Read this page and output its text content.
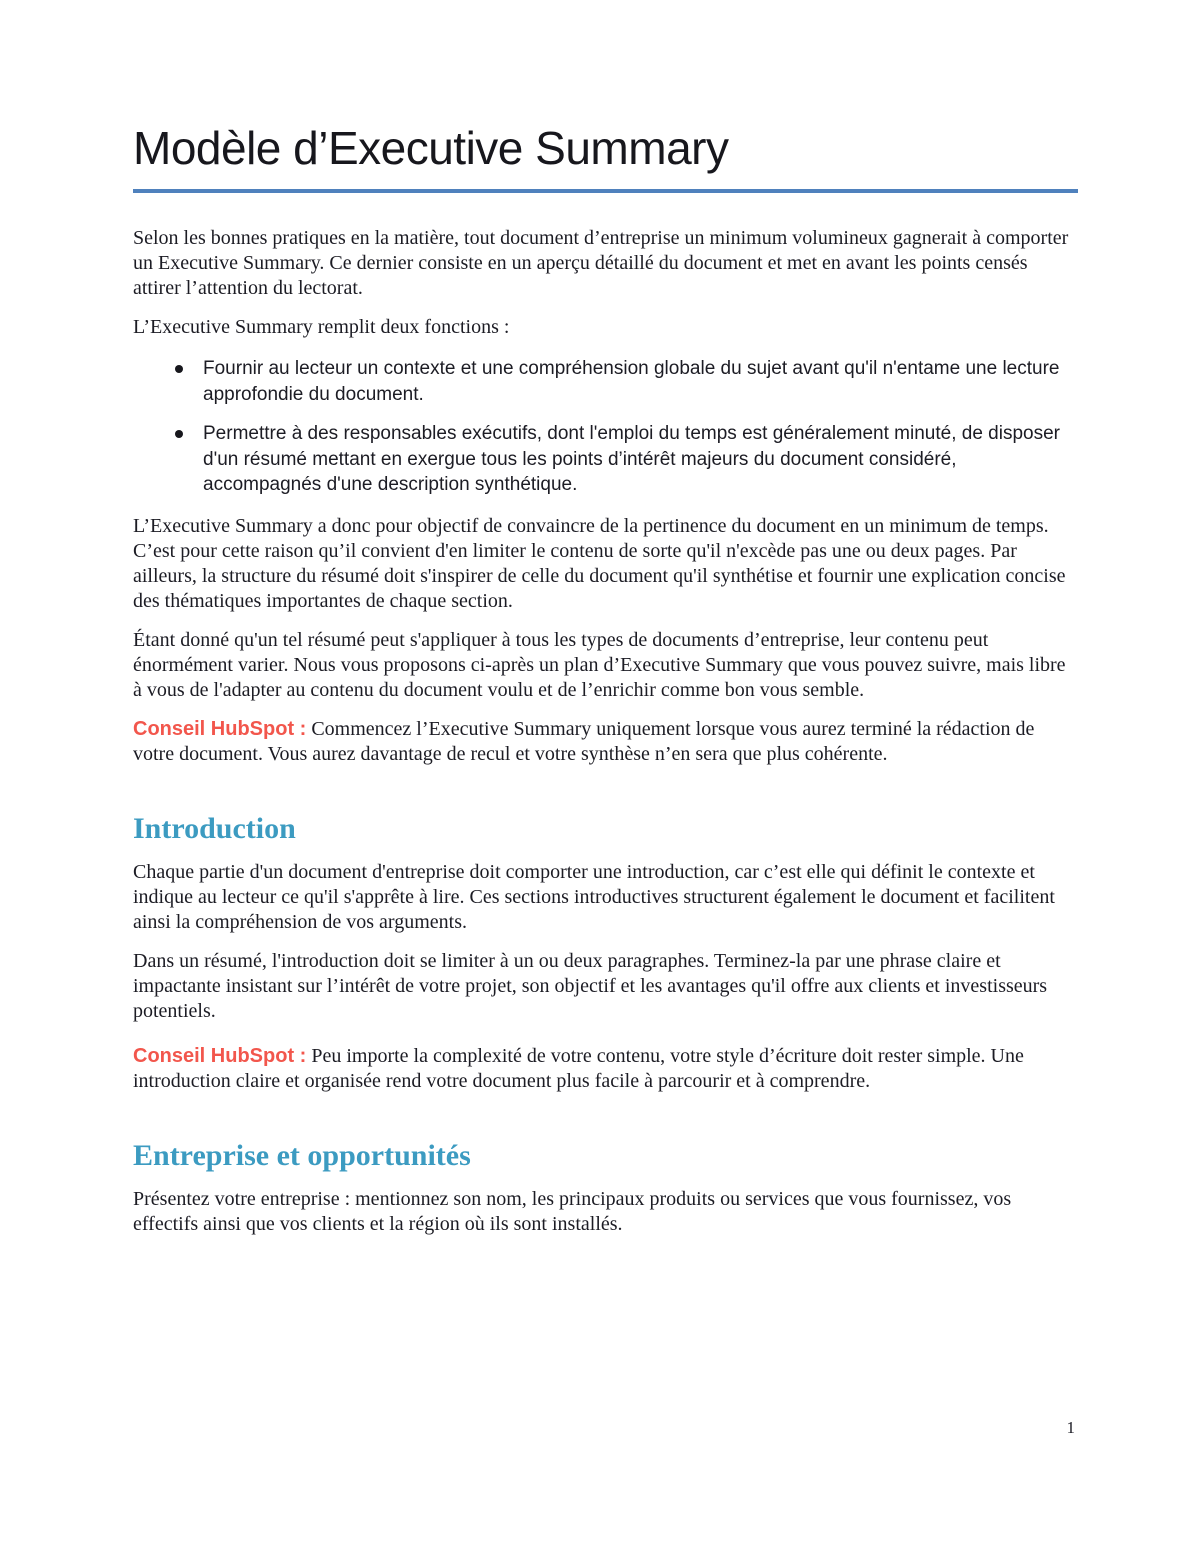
Modèle d’Executive Summary

Selon les bonnes pratiques en la matière, tout document d’entreprise un minimum volumineux gagnerait à comporter un Executive Summary. Ce dernier consiste en un aperçu détaillé du document et met en avant les points censés attirer l’attention du lectorat.

L’Executive Summary remplit deux fonctions :

Fournir au lecteur un contexte et une compréhension globale du sujet avant qu'il n'entame une lecture approfondie du document.
Permettre à des responsables exécutifs, dont l'emploi du temps est généralement minuté, de disposer d'un résumé mettant en exergue tous les points d’intérêt majeurs du document considéré, accompagnés d'une description synthétique.

L’Executive Summary a donc pour objectif de convaincre de la pertinence du document en un minimum de temps. C’est pour cette raison qu’il convient d'en limiter le contenu de sorte qu'il n'excède pas une ou deux pages. Par ailleurs, la structure du résumé doit s'inspirer de celle du document qu'il synthétise et fournir une explication concise des thématiques importantes de chaque section.

Étant donné qu'un tel résumé peut s'appliquer à tous les types de documents d’entreprise, leur contenu peut énormément varier. Nous vous proposons ci-après un plan d’Executive Summary que vous pouvez suivre, mais libre à vous de l'adapter au contenu du document voulu et de l’enrichir comme bon vous semble.

Conseil HubSpot : Commencez l’Executive Summary uniquement lorsque vous aurez terminé la rédaction de votre document. Vous aurez davantage de recul et votre synthèse n’en sera que plus cohérente.

Introduction

Chaque partie d'un document d'entreprise doit comporter une introduction, car c’est elle qui définit le contexte et indique au lecteur ce qu'il s'apprête à lire. Ces sections introductives structurent également le document et facilitent ainsi la compréhension de vos arguments.

Dans un résumé, l'introduction doit se limiter à un ou deux paragraphes. Terminez-la par une phrase claire et impactante insistant sur l’intérêt de votre projet, son objectif et les avantages qu'il offre aux clients et investisseurs potentiels.

Conseil HubSpot : Peu importe la complexité de votre contenu, votre style d’écriture doit rester simple. Une introduction claire et organisée rend votre document plus facile à parcourir et à comprendre.

Entreprise et opportunités

Présentez votre entreprise : mentionnez son nom, les principaux produits ou services que vous fournissez, vos effectifs ainsi que vos clients et la région où ils sont installés.

1
